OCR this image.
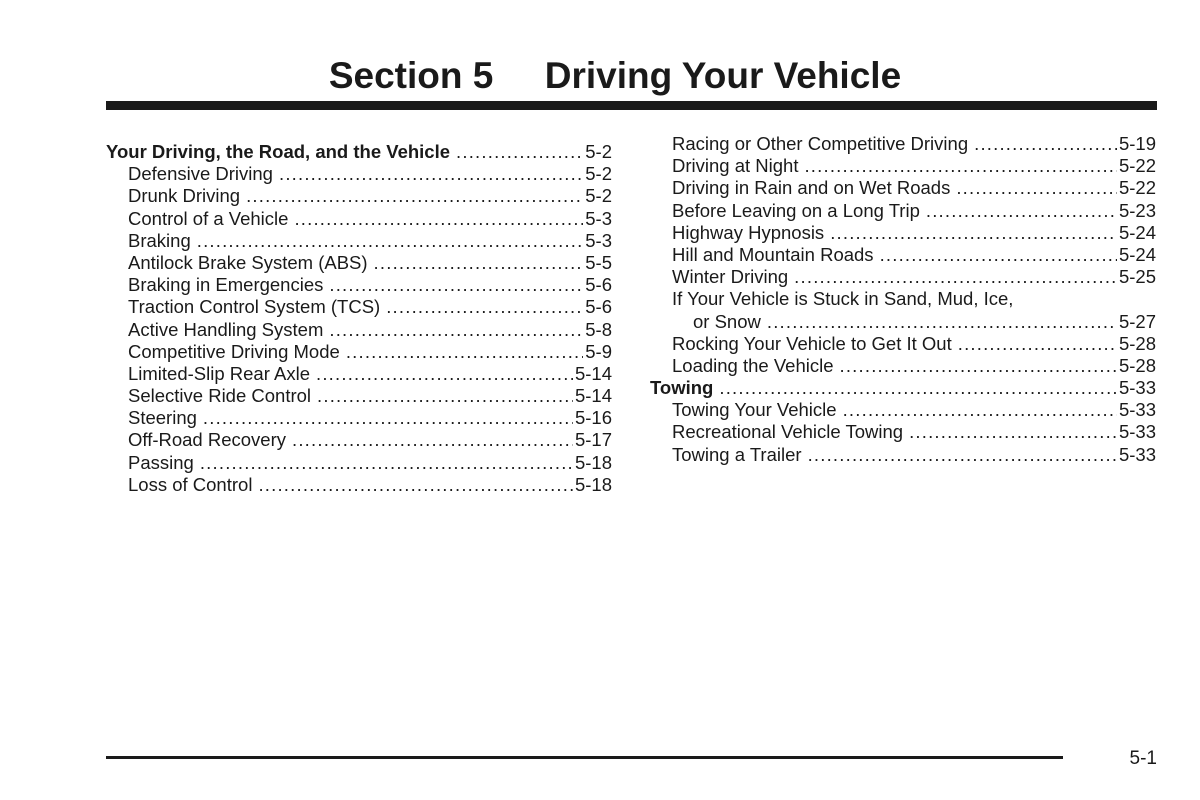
Section 5     Driving Your Vehicle
Your Driving, the Road, and the Vehicle .....	5-2
Defensive Driving .....	5-2
Drunk Driving .....	5-2
Control of a Vehicle .....	5-3
Braking .....	5-3
Antilock Brake System (ABS) .....	5-5
Braking in Emergencies .....	5-6
Traction Control System (TCS) .....	5-6
Active Handling System .....	5-8
Competitive Driving Mode .....	5-9
Limited-Slip Rear Axle .....	5-14
Selective Ride Control .....	5-14
Steering .....	5-16
Off-Road Recovery .....	5-17
Passing .....	5-18
Loss of Control .....	5-18
Racing or Other Competitive Driving .....	5-19
Driving at Night .....	5-22
Driving in Rain and on Wet Roads .....	5-22
Before Leaving on a Long Trip .....	5-23
Highway Hypnosis .....	5-24
Hill and Mountain Roads .....	5-24
Winter Driving .....	5-25
If Your Vehicle is Stuck in Sand, Mud, Ice,
or Snow .....	5-27
Rocking Your Vehicle to Get It Out .....	5-28
Loading the Vehicle .....	5-28
Towing .....	5-33
Towing Your Vehicle .....	5-33
Recreational Vehicle Towing .....	5-33
Towing a Trailer .....	5-33
5-1
